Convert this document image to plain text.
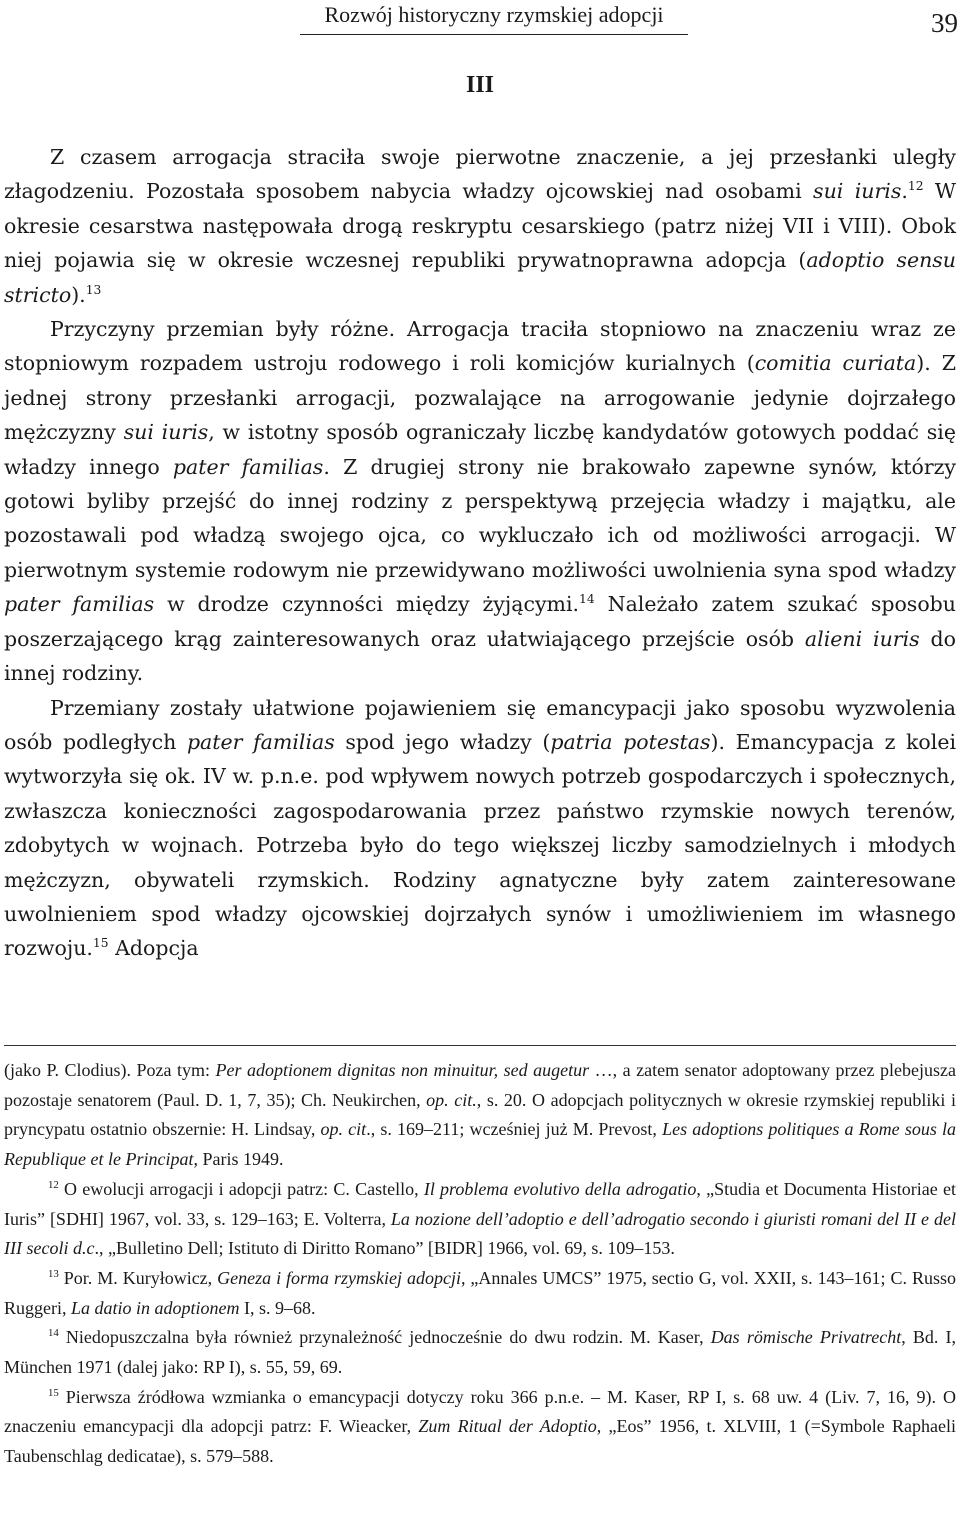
Rozwój historyczny rzymskiej adopcji	39
III

Z czasem arrogacja straciła swoje pierwotne znaczenie, a jej przesłanki uległy złagodzeniu. Pozostała sposobem nabycia władzy ojcowskiej nad osobami sui iuris.$^{12}$ W okresie cesarstwa następowała drogą reskryptu cesarskiego (patrz niżej VII i VIII). Obok niej pojawia się w okresie wczesnej republiki prywatnoprawna adopcja (adoptio sensu stricto).$^{13}$

Przyczyny przemian były różne. Arrogacja traciła stopniowo na znaczeniu wraz ze stopniowym rozpadem ustroju rodowego i roli komicjów kurialnych (comitia curiata). Z jednej strony przesłanki arrogacji, pozwalające na arrogowanie jedynie dojrzałego mężczyzny sui iuris, w istotny sposób ograniczały liczbę kandydatów gotowych poddać się władzy innego pater familias. Z drugiej strony nie brakowało zapewne synów, którzy gotowi byliby przejść do innej rodziny z perspektywą przejęcia władzy i majątku, ale pozostawali pod władzą swojego ojca, co wykluczało ich od możliwości arrogacji. W pierwotnym systemie rodowym nie przewidywano możliwości uwolnienia syna spod władzy pater familias w drodze czynności między żyjącymi.$^{14}$ Należało zatem szukać sposobu poszerzającego krąg zainteresowanych oraz ułatwiającego przejście osób alieni iuris do innej rodziny.

Przemiany zostały ułatwione pojawieniem się emancypacji jako sposobu wyzwolenia osób podległych pater familias spod jego władzy (patria potestas). Emancypacja z kolei wytworzyła się ok. IV w. p.n.e. pod wpływem nowych potrzeb gospodarczych i społecznych, zwłaszcza konieczności zagospodarowania przez państwo rzymskie nowych terenów, zdobytych w wojnach. Potrzeba było do tego większej liczby samodzielnych i młodych mężczyzn, obywateli rzymskich. Rodziny agnatyczne były zatem zainteresowane uwolnieniem spod władzy ojcowskiej dojrzałych synów i umożliwieniem im własnego rozwoju.$^{15}$ Adopcja

(jako P. Clodius). Poza tym: Per adoptionem dignitas non minuitur, sed augetur …, a zatem senator adoptowany przez plebejusza pozostaje senatorem (Paul. D. 1, 7, 35); Ch. Neukirchen, op. cit., s. 20. O adopcjach politycznych w okresie rzymskiej republiki i pryncypatu ostatnio obszernie: H. Lindsay, op. cit., s. 169–211; wcześniej już M. Prevost, Les adoptions politiques a Rome sous la Republique et le Principat, Paris 1949.

$^{12}$ O ewolucji arrogacji i adopcji patrz: C. Castello, Il problema evolutivo della adrogatio, „Studia et Documenta Historiae et Iuris” [SDHI] 1967, vol. 33, s. 129–163; E. Volterra, La nozione dell’adoptio e dell’adrogatio secondo i giuristi romani del II e del III secoli d.c., „Bulletino Dell; Istituto di Diritto Romano” [BIDR] 1966, vol. 69, s. 109–153.

$^{13}$ Por. M. Kuryłowicz, Geneza i forma rzymskiej adopcji, „Annales UMCS” 1975, sectio G, vol. XXII, s. 143–161; C. Russo Ruggeri, La datio in adoptionem I, s. 9–68.

$^{14}$ Niedopuszczalna była również przynależność jednocześnie do dwu rodzin. M. Kaser, Das römische Privatrecht, Bd. I, München 1971 (dalej jako: RP I), s. 55, 59, 69.

$^{15}$ Pierwsza źródłowa wzmianka o emancypacji dotyczy roku 366 p.n.e. – M. Kaser, RP I, s. 68 uw. 4 (Liv. 7, 16, 9). O znaczeniu emancypacji dla adopcji patrz: F. Wieacker, Zum Ritual der Adoptio, „Eos” 1956, t. XLVIII, 1 (=Symbole Raphaeli Taubenschlag dedicatae), s. 579–588.
